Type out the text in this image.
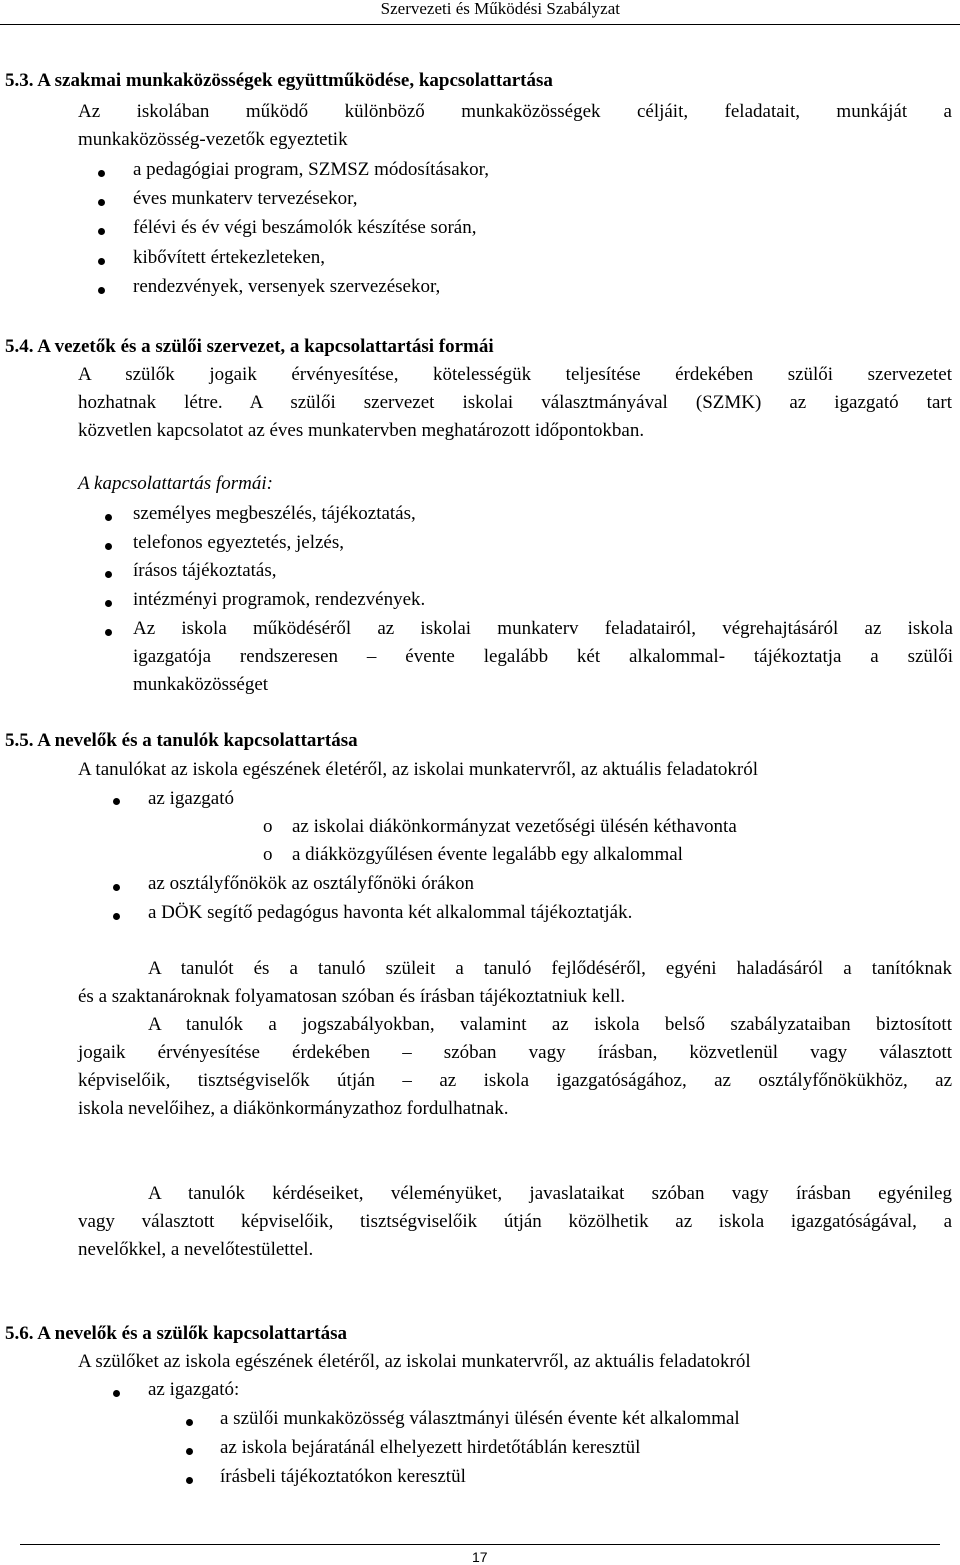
Szervezeti és Működési Szabályzat
5.3. A szakmai munkaközösségek együttműködése, kapcsolattartása
Az iskolában működő különböző munkaközösségek céljáit, feladatait, munkáját a
munkaközösség-vezetők egyeztetik
a pedagógiai program, SZMSZ módosításakor,
éves munkaterv tervezésekor,
félévi és év végi beszámolók készítése során,
kibővített értekezleteken,
rendezvények, versenyek szervezésekor,
5.4. A vezetők és a szülői szervezet, a kapcsolattartási formái
A szülők jogaik érvényesítése, kötelességük teljesítése érdekében szülői szervezetet
hozhatnak létre. A szülői szervezet iskolai választmányával (SZMK) az igazgató tart
közvetlen kapcsolatot az éves munkatervben meghatározott időpontokban.
A kapcsolattartás formái:
személyes megbeszélés, tájékoztatás,
telefonos egyeztetés, jelzés,
írásos tájékoztatás,
intézményi programok, rendezvények.
Az iskola működéséről az iskolai munkaterv feladatairól, végrehajtásáról az iskola
igazgatója rendszeresen – évente legalább két alkalommal- tájékoztatja a szülői
munkaközösséget
5.5. A nevelők és a tanulók kapcsolattartása
A tanulókat az iskola egészének életéről, az iskolai munkatervről, az aktuális feladatokról
az igazgató
o az iskolai diákönkormányzat vezetőségi ülésén kéthavonta
o a diákközgyűlésen évente legalább egy alkalommal
az osztályfőnökök az osztályfőnöki órákon
a DÖK segítő pedagógus havonta két alkalommal tájékoztatják.
A tanulót és a tanuló szüleit a tanuló fejlődéséről, egyéni haladásáról a tanítóknak
és a szaktanároknak folyamatosan szóban és írásban tájékoztatniuk kell.
A tanulók a jogszabályokban, valamint az iskola belső szabályzataiban biztosított
jogaik érvényesítése érdekében – szóban vagy írásban, közvetlenül vagy választott
képviselőik, tisztségviselők útján – az iskola igazgatóságához, az osztályfőnökükhöz, az
iskola nevelőihez, a diákönkormányzathoz fordulhatnak.
A tanulók kérdéseiket, véleményüket, javaslataikat szóban vagy írásban egyénileg
vagy választott képviselőik, tisztségviselőik útján közölhetik az iskola igazgatóságával, a
nevelőkkel, a nevelőtestülettel.
5.6. A nevelők és a szülők kapcsolattartása
A szülőket az iskola egészének életéről, az iskolai munkatervről, az aktuális feladatokról
az igazgató:
a szülői munkaközösség választmányi ülésén évente két alkalommal
az iskola bejáratánál elhelyezett hirdetőtáblán keresztül
írásbeli tájékoztatókon keresztül
17
